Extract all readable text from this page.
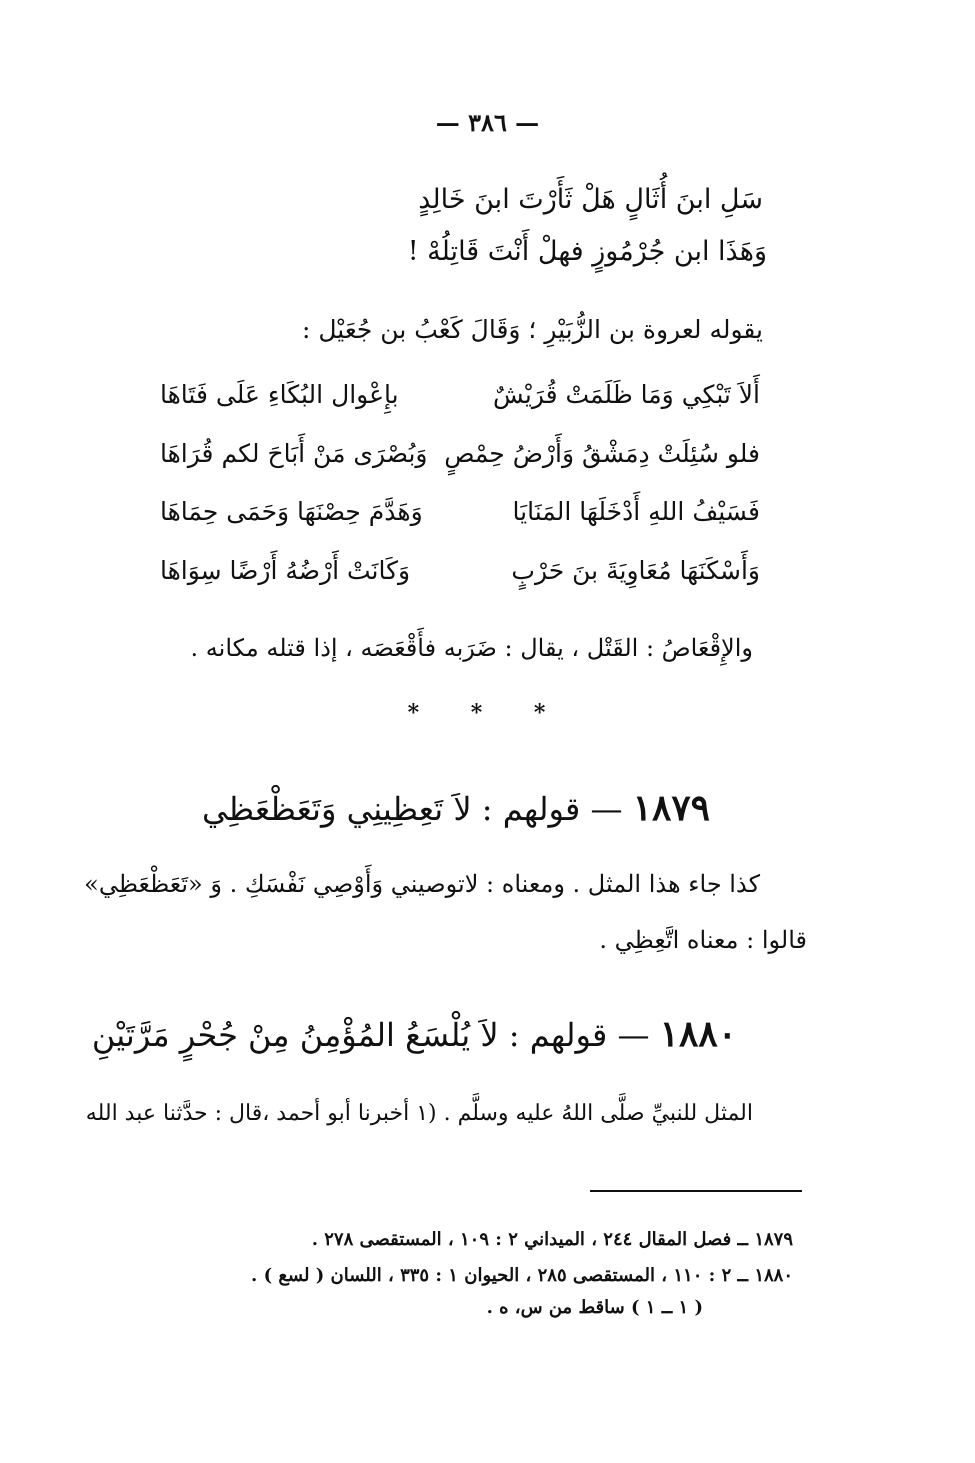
— ٣٨٦ —
سَلِ ابنَ أُثَالٍ هَلْ ثَأَرْتَ ابنَ خَالِدٍ
وَهَذَا ابن جُرْمُوزٍ فهلْ أَنْتَ قَاتِلُهْ !
يقوله لعروة بن الزُّبَيْرِ ؛ وَقَالَ كَعْبُ بن جُعَيْل :
أَلاَ تَبْكِي وَمَا ظَلَمَتْ قُرَيْشٌ
بإِعْوال البُكَاءِ عَلَى فَتَاهَا
فلو سُئِلَتْ دِمَشْقُ وَأَرْضُ حِمْصٍ
وَبُصْرَى مَنْ أَبَاحَ لكم قُرَاهَا
فَسَيْفُ اللهِ أَدْخَلَهَا المَنَايَا
وَهَدَّمَ حِصْنَهَا وَحَمَى حِمَاهَا
وَأَسْكَنَهَا مُعَاوِيَةَ بنَ حَرْبٍ
وَكَانَتْ أَرْضُهُ أَرْضًا سِوَاهَا
والإِقْعَاصُ : القَتْل ، يقال : ضَرَبه فأَقْعَصَه ، إذا قتله مكانه .
* * *
١٨٧٩ — قولهم : لاَ تَعِظِينِي وَتَعَظْعَظِي
كذا جاء هذا المثل . ومعناه : لاتوصيني وَأَوْصِي نَفْسَكِ . وَ «تَعَظْعَظِي»
قالوا : معناه اتَّعِظِي .
١٨٨٠ — قولهم : لاَ يُلْسَعُ المُؤْمِنُ مِنْ جُحْرٍ مَرَّتَيْنِ
المثل للنبيِّ صلَّى اللهُ عليه وسلَّم . (١ أخبرنا أبو أحمد ،قال : حدَّثنا عبد الله
١٨٧٩ ــ فصل المقال ٢٤٤ ، الميداني ٢ : ١٠٩ ، المستقصى ٢٧٨ .
١٨٨٠ ــ ٢ : ١١٠ ، المستقصى ٢٨٥ ، الحيوان ١ : ٣٣٥ ، اللسان ( لسع ) .
( ١ ــ ١ ) ساقط من س، ه .
